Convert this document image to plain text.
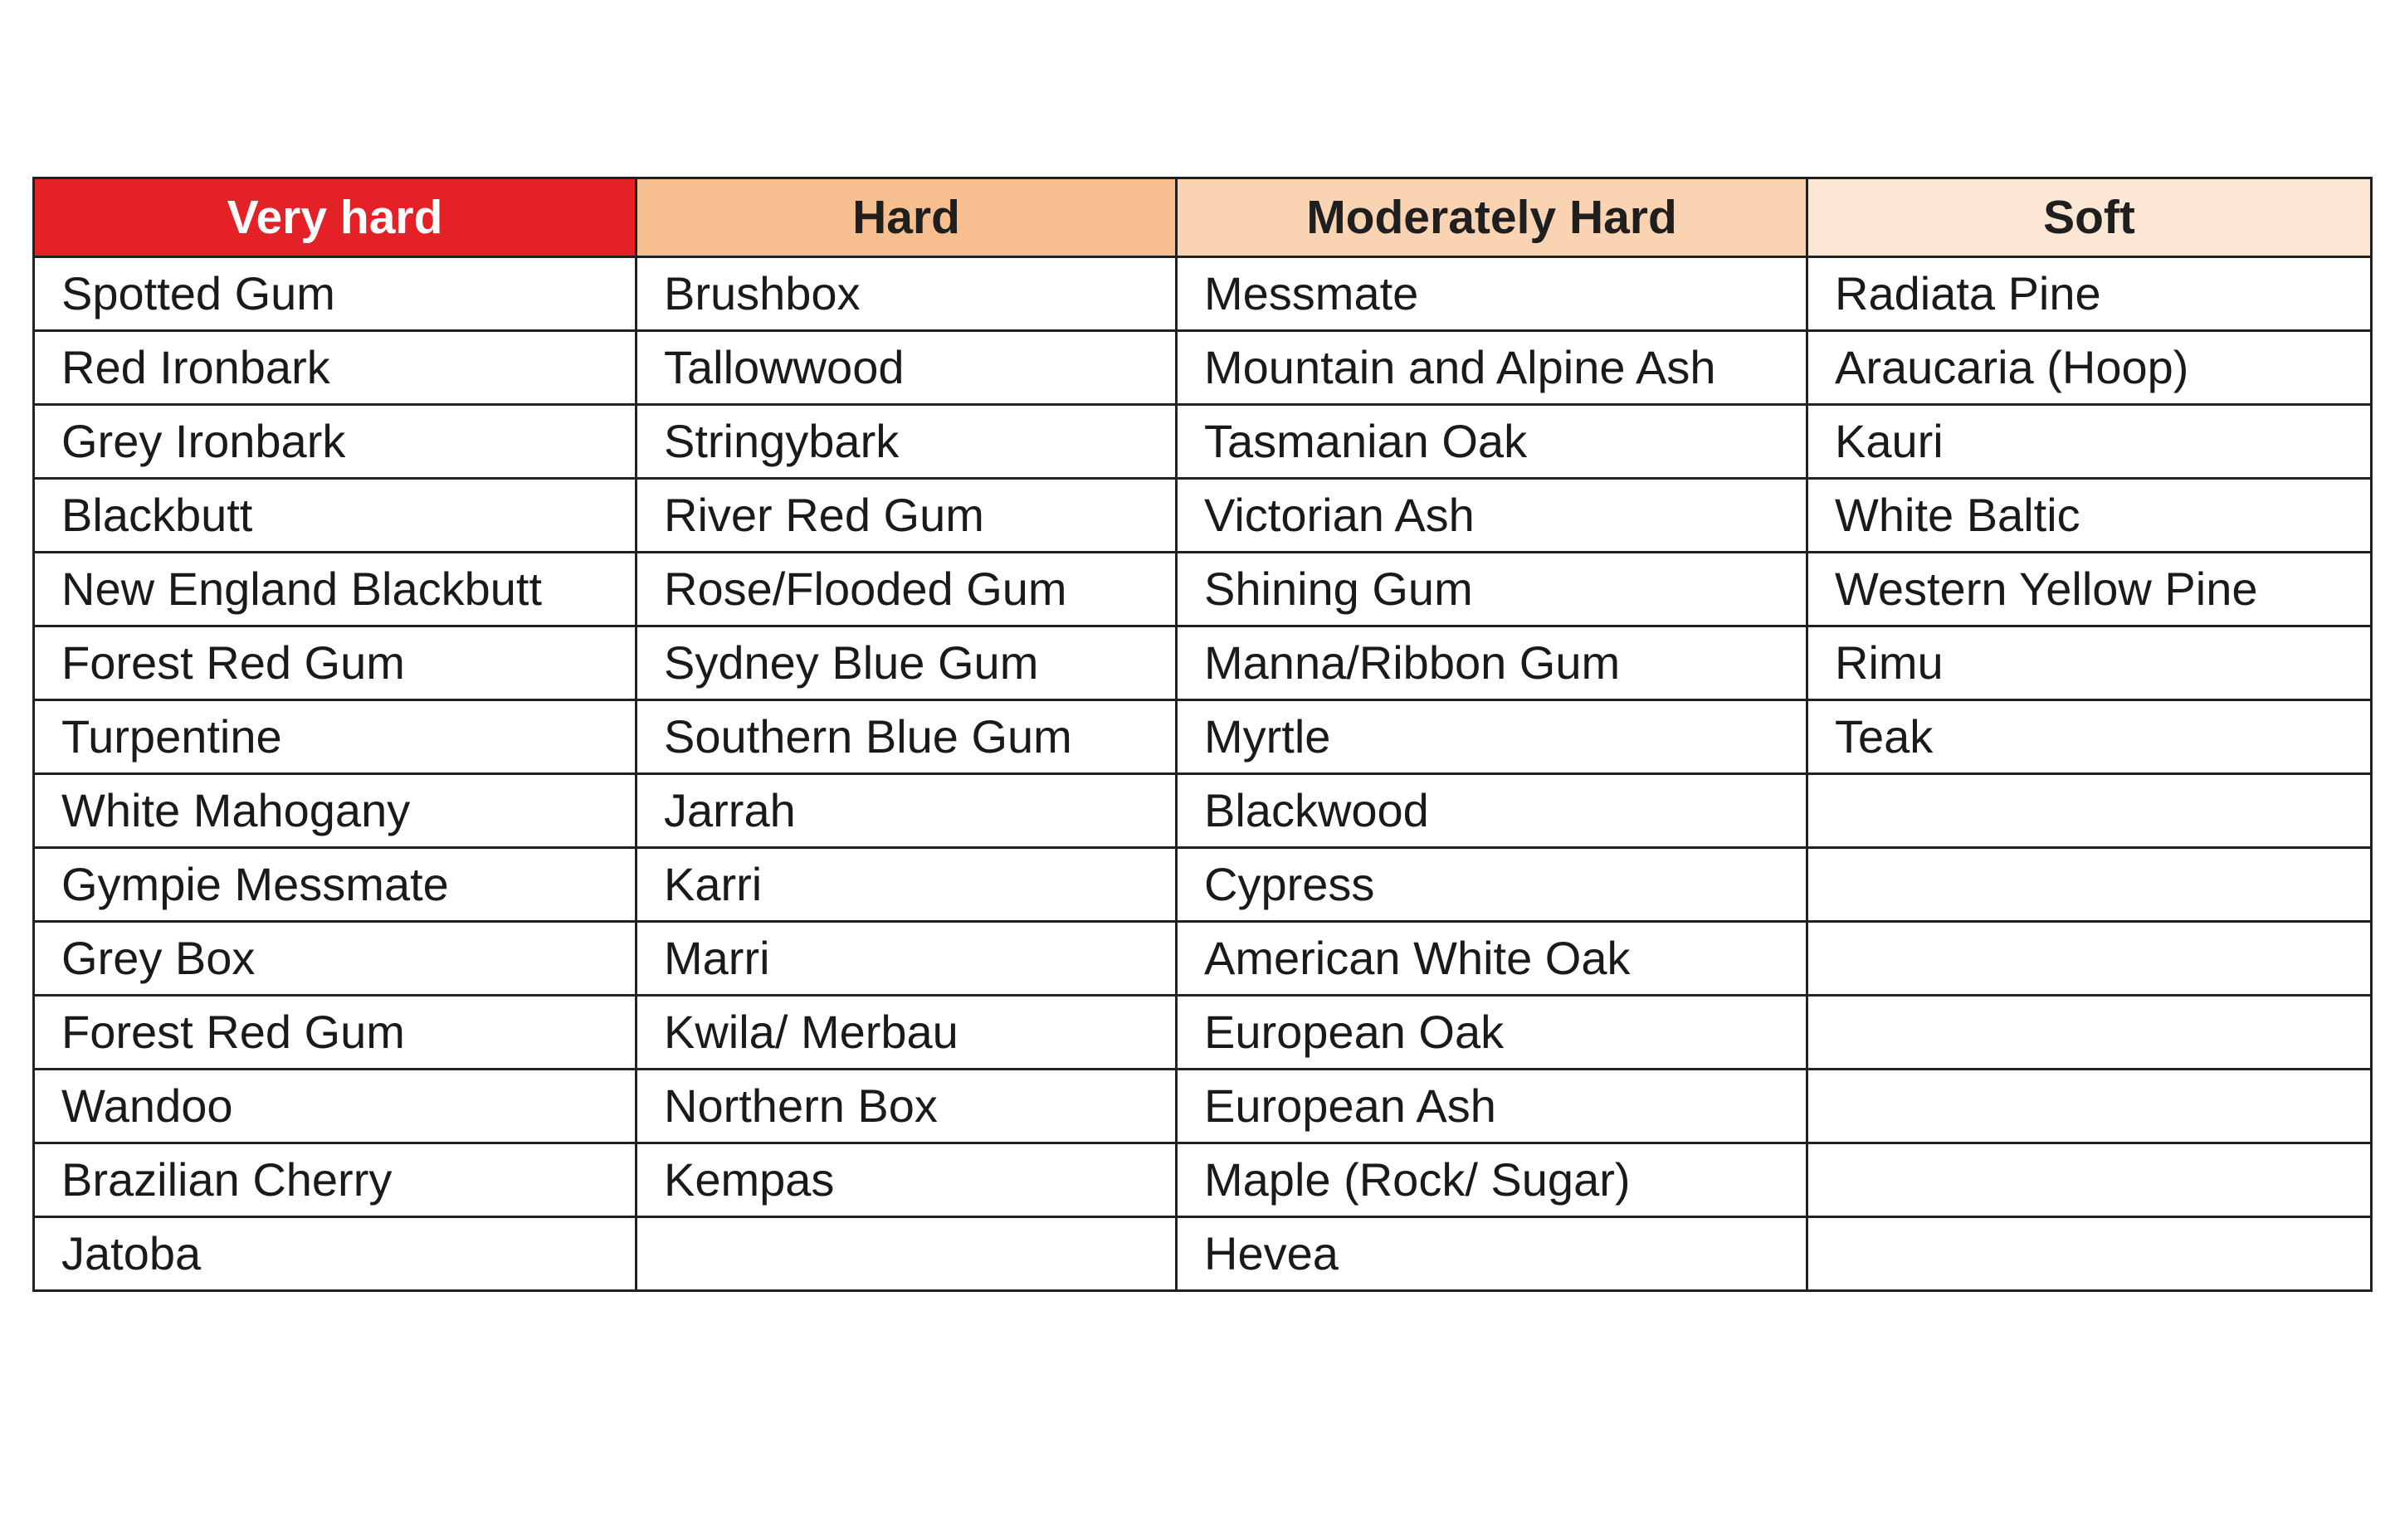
Very hard	Hard	Moderately Hard	Soft
Spotted Gum	Brushbox	Messmate	Radiata Pine
Red Ironbark	Tallowwood	Mountain and Alpine Ash	Araucaria (Hoop)
Grey Ironbark	Stringybark	Tasmanian Oak	Kauri
Blackbutt	River Red Gum	Victorian Ash	White Baltic
New England Blackbutt	Rose/Flooded Gum	Shining Gum	Western Yellow Pine
Forest Red Gum	Sydney Blue Gum	Manna/Ribbon Gum	Rimu
Turpentine	Southern Blue Gum	Myrtle	Teak
White Mahogany	Jarrah	Blackwood	
Gympie Messmate	Karri	Cypress	
Grey Box	Marri	American White Oak	
Forest Red Gum	Kwila/ Merbau	European Oak	
Wandoo	Northern Box	European Ash	
Brazilian Cherry	Kempas	Maple (Rock/ Sugar)	
Jatoba		Hevea	
